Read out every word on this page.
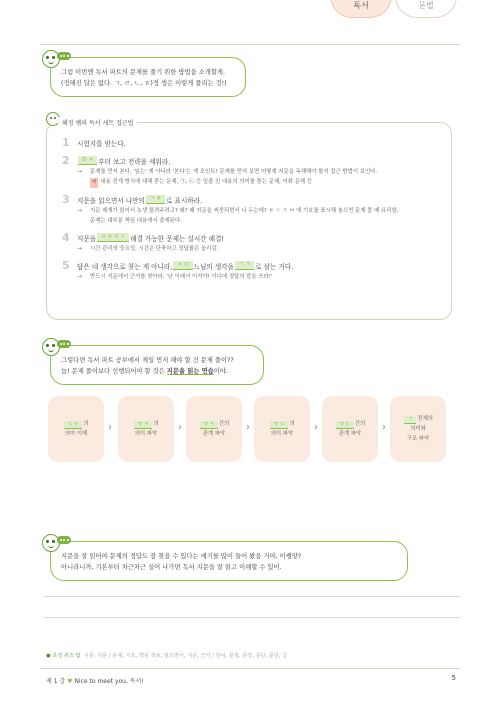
독서	문법
그럼 이번엔 독서 파트의 문제를 풀기 위한 방법을 소개할게.
(정해진 답은 없다. ㄱ, ㄹ, ㄴ, ㅎ)정 생은 이렇게 풀리는 것!)
혜정 쌤의 독서 세트 접근법
1	시험지를 받는다.
2	ㅁ ㅈ 부터 보고 전략을 세워라.
→ 문제를 먼저 본다, '읽는' 게 아니라 '본다'는 게 포인트! 문제를 먼저 보면 어떻게 지문을 독해해야 할지 접근 방법이 보인다.
예 내용 전개 방식에 대해 묻는 문제, ㉠, ㉡ 등 밑줄 친 내용의 의미를 묻는 문제, 어휘 문제 등
3	지문을 읽으면서 나만의	ㄱ ㅎ 로 표시하라.
→ 지문 제재가 읽어서 농생 풀려주려고? 왜? 왜 지문을 써뭇되면서 나 두는데? ㅎ ㅅ ㅈ ㅂ 에 기호를 표시해 놓으면 문제 풀 때 유리함.
문제는 대부분 핵심 내용에서 출제된다.
4	지문을	ㅇ ㅇ ㅁ ㅅ 해결 가능한 문제는 실시간 해결!
→ 시간 관리의 중요성, 시간은 단축하고 정답률은 올리감.
5	답은 네 생각으로 찾는 게 아니라,	ㅈ ㅁ 느님의 생각을	ㄱ ㄱ 로 삼는 거다.
→ 반드시 지문에서 근거를 찾아라. '난 이래서 이거야! 이디에 정답의 칼을 쓰라!'
그렇다면 독서 파트 공부에서 제일 먼저 해야 할 건 문제 풀이??
놉! 문제 풀이보다 선행되어야 할 것은 지문을 읽는 연습이야.
ㄷ ㅇ 의
의미 이해
›	ㅁ ㅈ 의
의미 파악
›	ㅁ ㅈ 간의
관계 파악
›	ㅁ ㄷ 의
의미 파악
›	ㅁ ㄷ 간의
관계 파악
›
ㄱ 전체의
의미와
구조 파악
지문을 잘 읽어야 문제의 정답도 잘 찾을 수 있다는 얘기를 많이 들어 봤을 거야, 이쌩양?
아니라니까, 기본부터 차근차근 실어 나가면 독서 지문을 잘 읽고 이해할 수 있어.
● 초성 퀴즈 답 지문, 지문 / 문제, 기호, 핵심 정보, 읽으면서, 지문, 근거 / 단어, 문장, 문장, 문단, 문단, 글
제 1 강 ♥ Nice to meet you, 독서!	5
